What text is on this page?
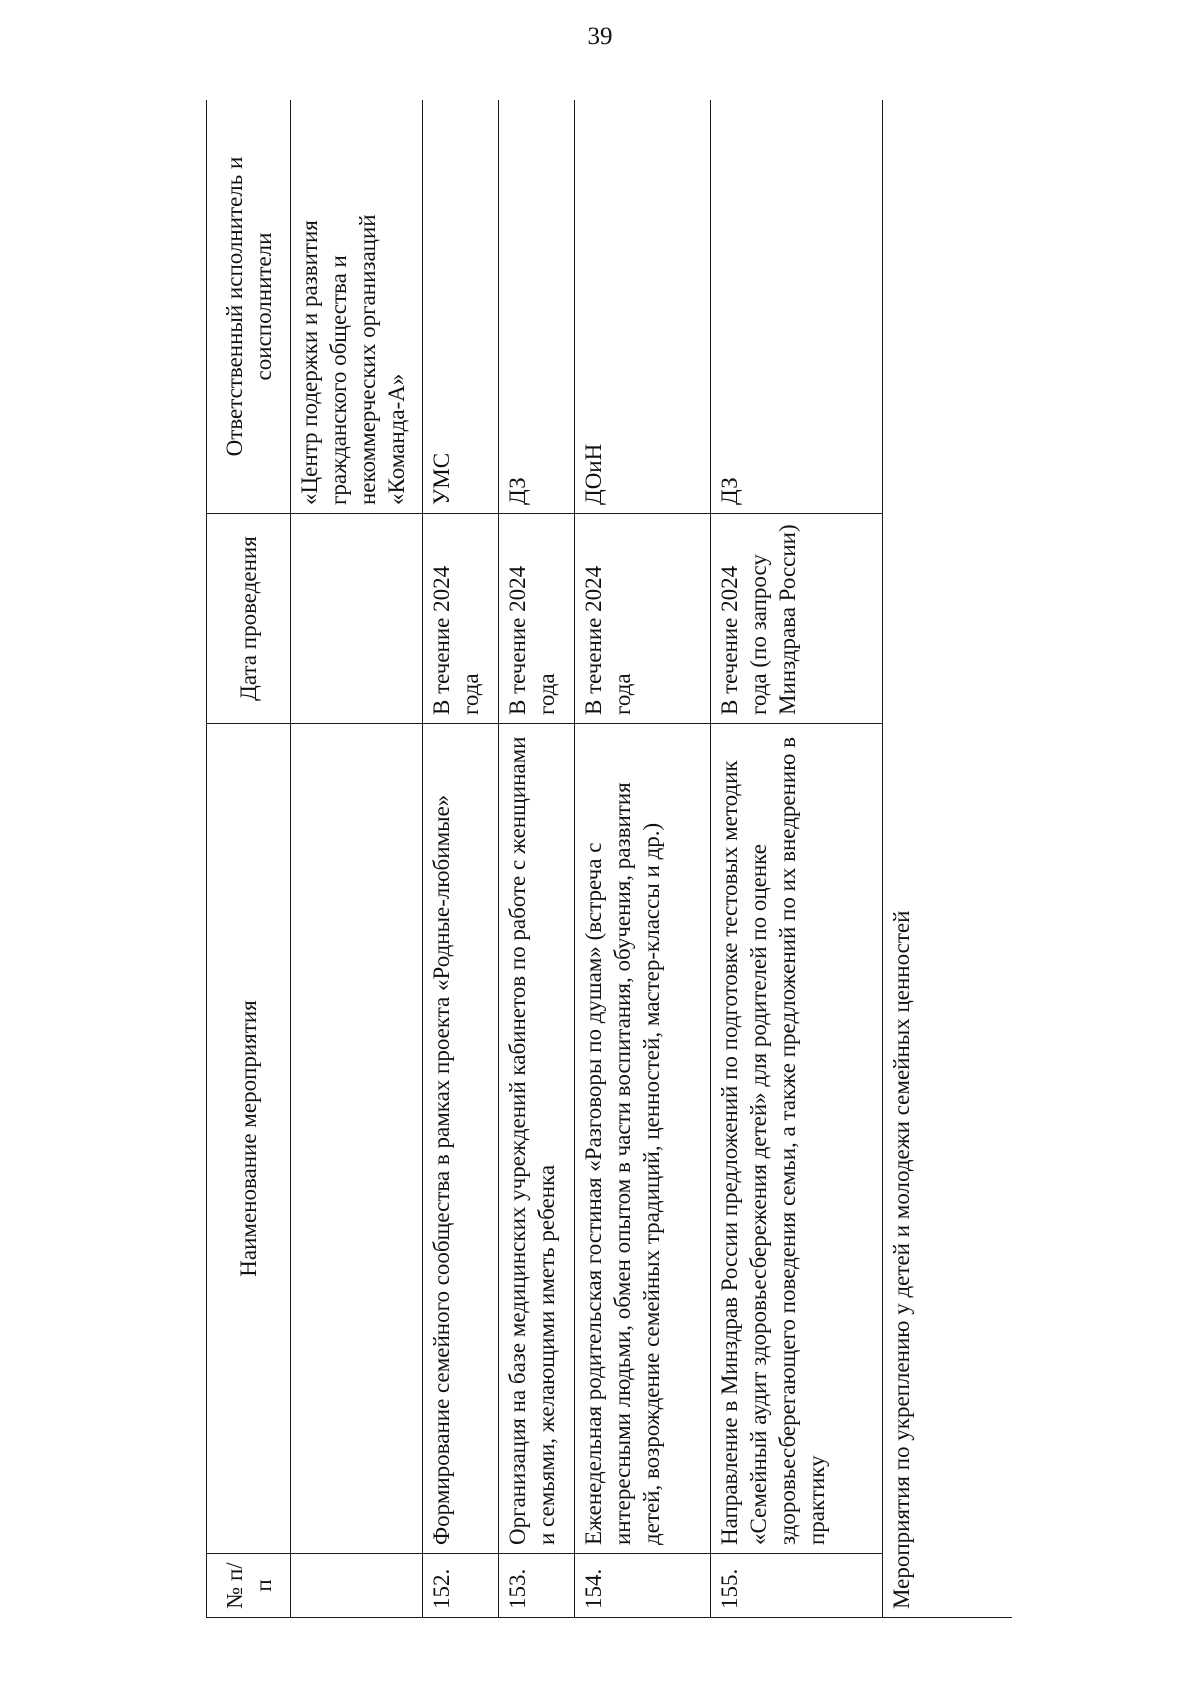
39
№ п/п	Наименование мероприятия	Дата проведения	Ответственный исполнитель и соисполнители
			«Центр подержки и развития гражданского общества и некоммерческих организаций «Команда-А»
152.	Формирование семейного сообщества в рамках проекта «Родные-любимые»	В течение 2024 года	УМС
153.	Организация на базе медицинских учреждений кабинетов по работе с женщинами и семьями, желающими иметь ребенка	В течение 2024 года	ДЗ
154.	Еженедельная родительская гостиная «Разговоры по душам» (встреча с интересными людьми, обмен опытом в части воспитания, обучения, развития детей, возрождение семейных традиций, ценностей, мастер-классы и др.)	В течение 2024 года	ДОиН
155.	Направление в Минздрав России предложений по подготовке тестовых методик «Семейный аудит здоровьесбережения детей» для родителей по оценке здоровьесберегающего поведения семьи, а также предложений по их внедрению в практику	В течение 2024 года (по запросу Минздрава России)	ДЗ
Мероприятия по укреплению у детей и молодежи семейных ценностей			
